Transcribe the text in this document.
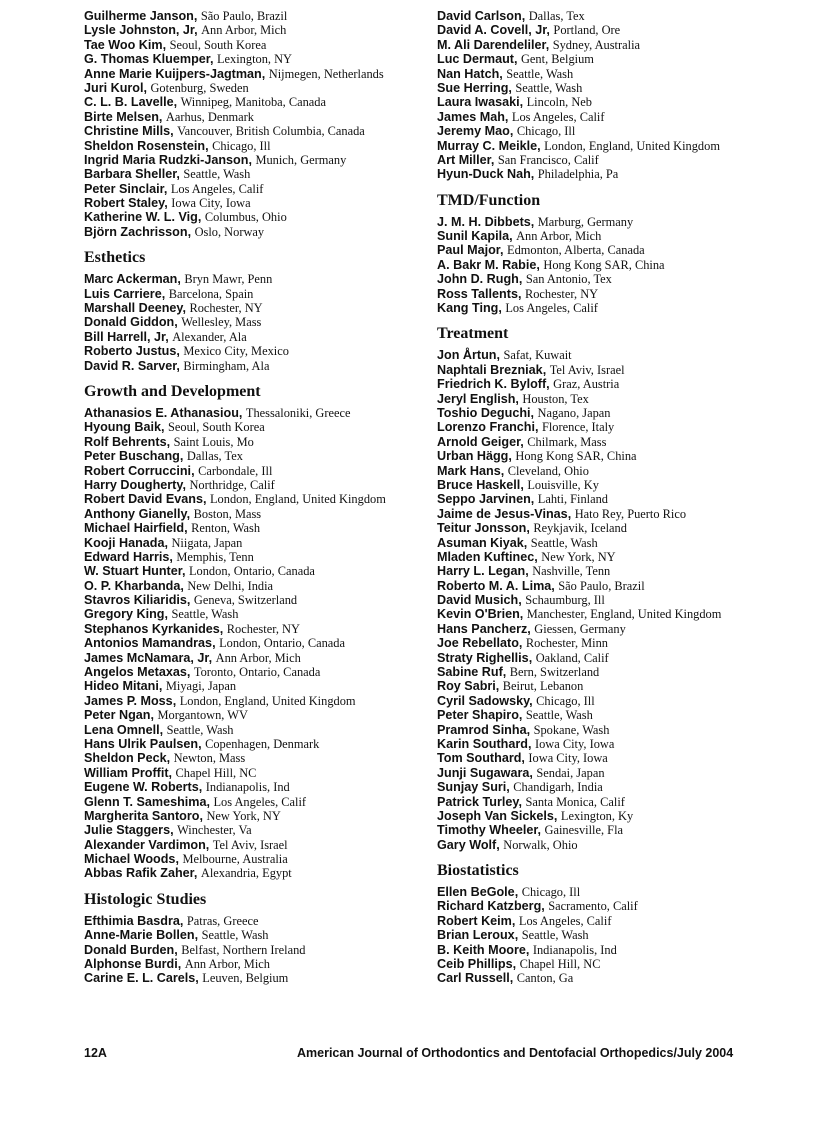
Guilherme Janson, São Paulo, Brazil
Lysle Johnston, Jr, Ann Arbor, Mich
Tae Woo Kim, Seoul, South Korea
G. Thomas Kluemper, Lexington, NY
Anne Marie Kuijpers-Jagtman, Nijmegen, Netherlands
Juri Kurol, Gotenburg, Sweden
C. L. B. Lavelle, Winnipeg, Manitoba, Canada
Birte Melsen, Aarhus, Denmark
Christine Mills, Vancouver, British Columbia, Canada
Sheldon Rosenstein, Chicago, Ill
Ingrid Maria Rudzki-Janson, Munich, Germany
Barbara Sheller, Seattle, Wash
Peter Sinclair, Los Angeles, Calif
Robert Staley, Iowa City, Iowa
Katherine W. L. Vig, Columbus, Ohio
Björn Zachrisson, Oslo, Norway
Esthetics
Marc Ackerman, Bryn Mawr, Penn
Luis Carriere, Barcelona, Spain
Marshall Deeney, Rochester, NY
Donald Giddon, Wellesley, Mass
Bill Harrell, Jr, Alexander, Ala
Roberto Justus, Mexico City, Mexico
David R. Sarver, Birmingham, Ala
Growth and Development
Athanasios E. Athanasiou, Thessaloniki, Greece
Hyoung Baik, Seoul, South Korea
Rolf Behrents, Saint Louis, Mo
Peter Buschang, Dallas, Tex
Robert Corruccini, Carbondale, Ill
Harry Dougherty, Northridge, Calif
Robert David Evans, London, England, United Kingdom
Anthony Gianelly, Boston, Mass
Michael Hairfield, Renton, Wash
Kooji Hanada, Niigata, Japan
Edward Harris, Memphis, Tenn
W. Stuart Hunter, London, Ontario, Canada
O. P. Kharbanda, New Delhi, India
Stavros Kiliaridis, Geneva, Switzerland
Gregory King, Seattle, Wash
Stephanos Kyrkanides, Rochester, NY
Antonios Mamandras, London, Ontario, Canada
James McNamara, Jr, Ann Arbor, Mich
Angelos Metaxas, Toronto, Ontario, Canada
Hideo Mitani, Miyagi, Japan
James P. Moss, London, England, United Kingdom
Peter Ngan, Morgantown, WV
Lena Omnell, Seattle, Wash
Hans Ulrik Paulsen, Copenhagen, Denmark
Sheldon Peck, Newton, Mass
William Proffit, Chapel Hill, NC
Eugene W. Roberts, Indianapolis, Ind
Glenn T. Sameshima, Los Angeles, Calif
Margherita Santoro, New York, NY
Julie Staggers, Winchester, Va
Alexander Vardimon, Tel Aviv, Israel
Michael Woods, Melbourne, Australia
Abbas Rafik Zaher, Alexandria, Egypt
Histologic Studies
Efthimia Basdra, Patras, Greece
Anne-Marie Bollen, Seattle, Wash
Donald Burden, Belfast, Northern Ireland
Alphonse Burdi, Ann Arbor, Mich
Carine E. L. Carels, Leuven, Belgium
David Carlson, Dallas, Tex
David A. Covell, Jr, Portland, Ore
M. Ali Darendeliler, Sydney, Australia
Luc Dermaut, Gent, Belgium
Nan Hatch, Seattle, Wash
Sue Herring, Seattle, Wash
Laura Iwasaki, Lincoln, Neb
James Mah, Los Angeles, Calif
Jeremy Mao, Chicago, Ill
Murray C. Meikle, London, England, United Kingdom
Art Miller, San Francisco, Calif
Hyun-Duck Nah, Philadelphia, Pa
TMD/Function
J. M. H. Dibbets, Marburg, Germany
Sunil Kapila, Ann Arbor, Mich
Paul Major, Edmonton, Alberta, Canada
A. Bakr M. Rabie, Hong Kong SAR, China
John D. Rugh, San Antonio, Tex
Ross Tallents, Rochester, NY
Kang Ting, Los Angeles, Calif
Treatment
Jon Årtun, Safat, Kuwait
Naphtali Brezniak, Tel Aviv, Israel
Friedrich K. Byloff, Graz, Austria
Jeryl English, Houston, Tex
Toshio Deguchi, Nagano, Japan
Lorenzo Franchi, Florence, Italy
Arnold Geiger, Chilmark, Mass
Urban Hägg, Hong Kong SAR, China
Mark Hans, Cleveland, Ohio
Bruce Haskell, Louisville, Ky
Seppo Jarvinen, Lahti, Finland
Jaime de Jesus-Vinas, Hato Rey, Puerto Rico
Teitur Jonsson, Reykjavik, Iceland
Asuman Kiyak, Seattle, Wash
Mladen Kuftinec, New York, NY
Harry L. Legan, Nashville, Tenn
Roberto M. A. Lima, São Paulo, Brazil
David Musich, Schaumburg, Ill
Kevin O'Brien, Manchester, England, United Kingdom
Hans Pancherz, Giessen, Germany
Joe Rebellato, Rochester, Minn
Straty Righellis, Oakland, Calif
Sabine Ruf, Bern, Switzerland
Roy Sabri, Beirut, Lebanon
Cyril Sadowsky, Chicago, Ill
Peter Shapiro, Seattle, Wash
Pramrod Sinha, Spokane, Wash
Karin Southard, Iowa City, Iowa
Tom Southard, Iowa City, Iowa
Junji Sugawara, Sendai, Japan
Sunjay Suri, Chandigarh, India
Patrick Turley, Santa Monica, Calif
Joseph Van Sickels, Lexington, Ky
Timothy Wheeler, Gainesville, Fla
Gary Wolf, Norwalk, Ohio
Biostatistics
Ellen BeGole, Chicago, Ill
Richard Katzberg, Sacramento, Calif
Robert Keim, Los Angeles, Calif
Brian Leroux, Seattle, Wash
B. Keith Moore, Indianapolis, Ind
Ceib Phillips, Chapel Hill, NC
Carl Russell, Canton, Ga
12A	American Journal of Orthodontics and Dentofacial Orthopedics/July 2004
